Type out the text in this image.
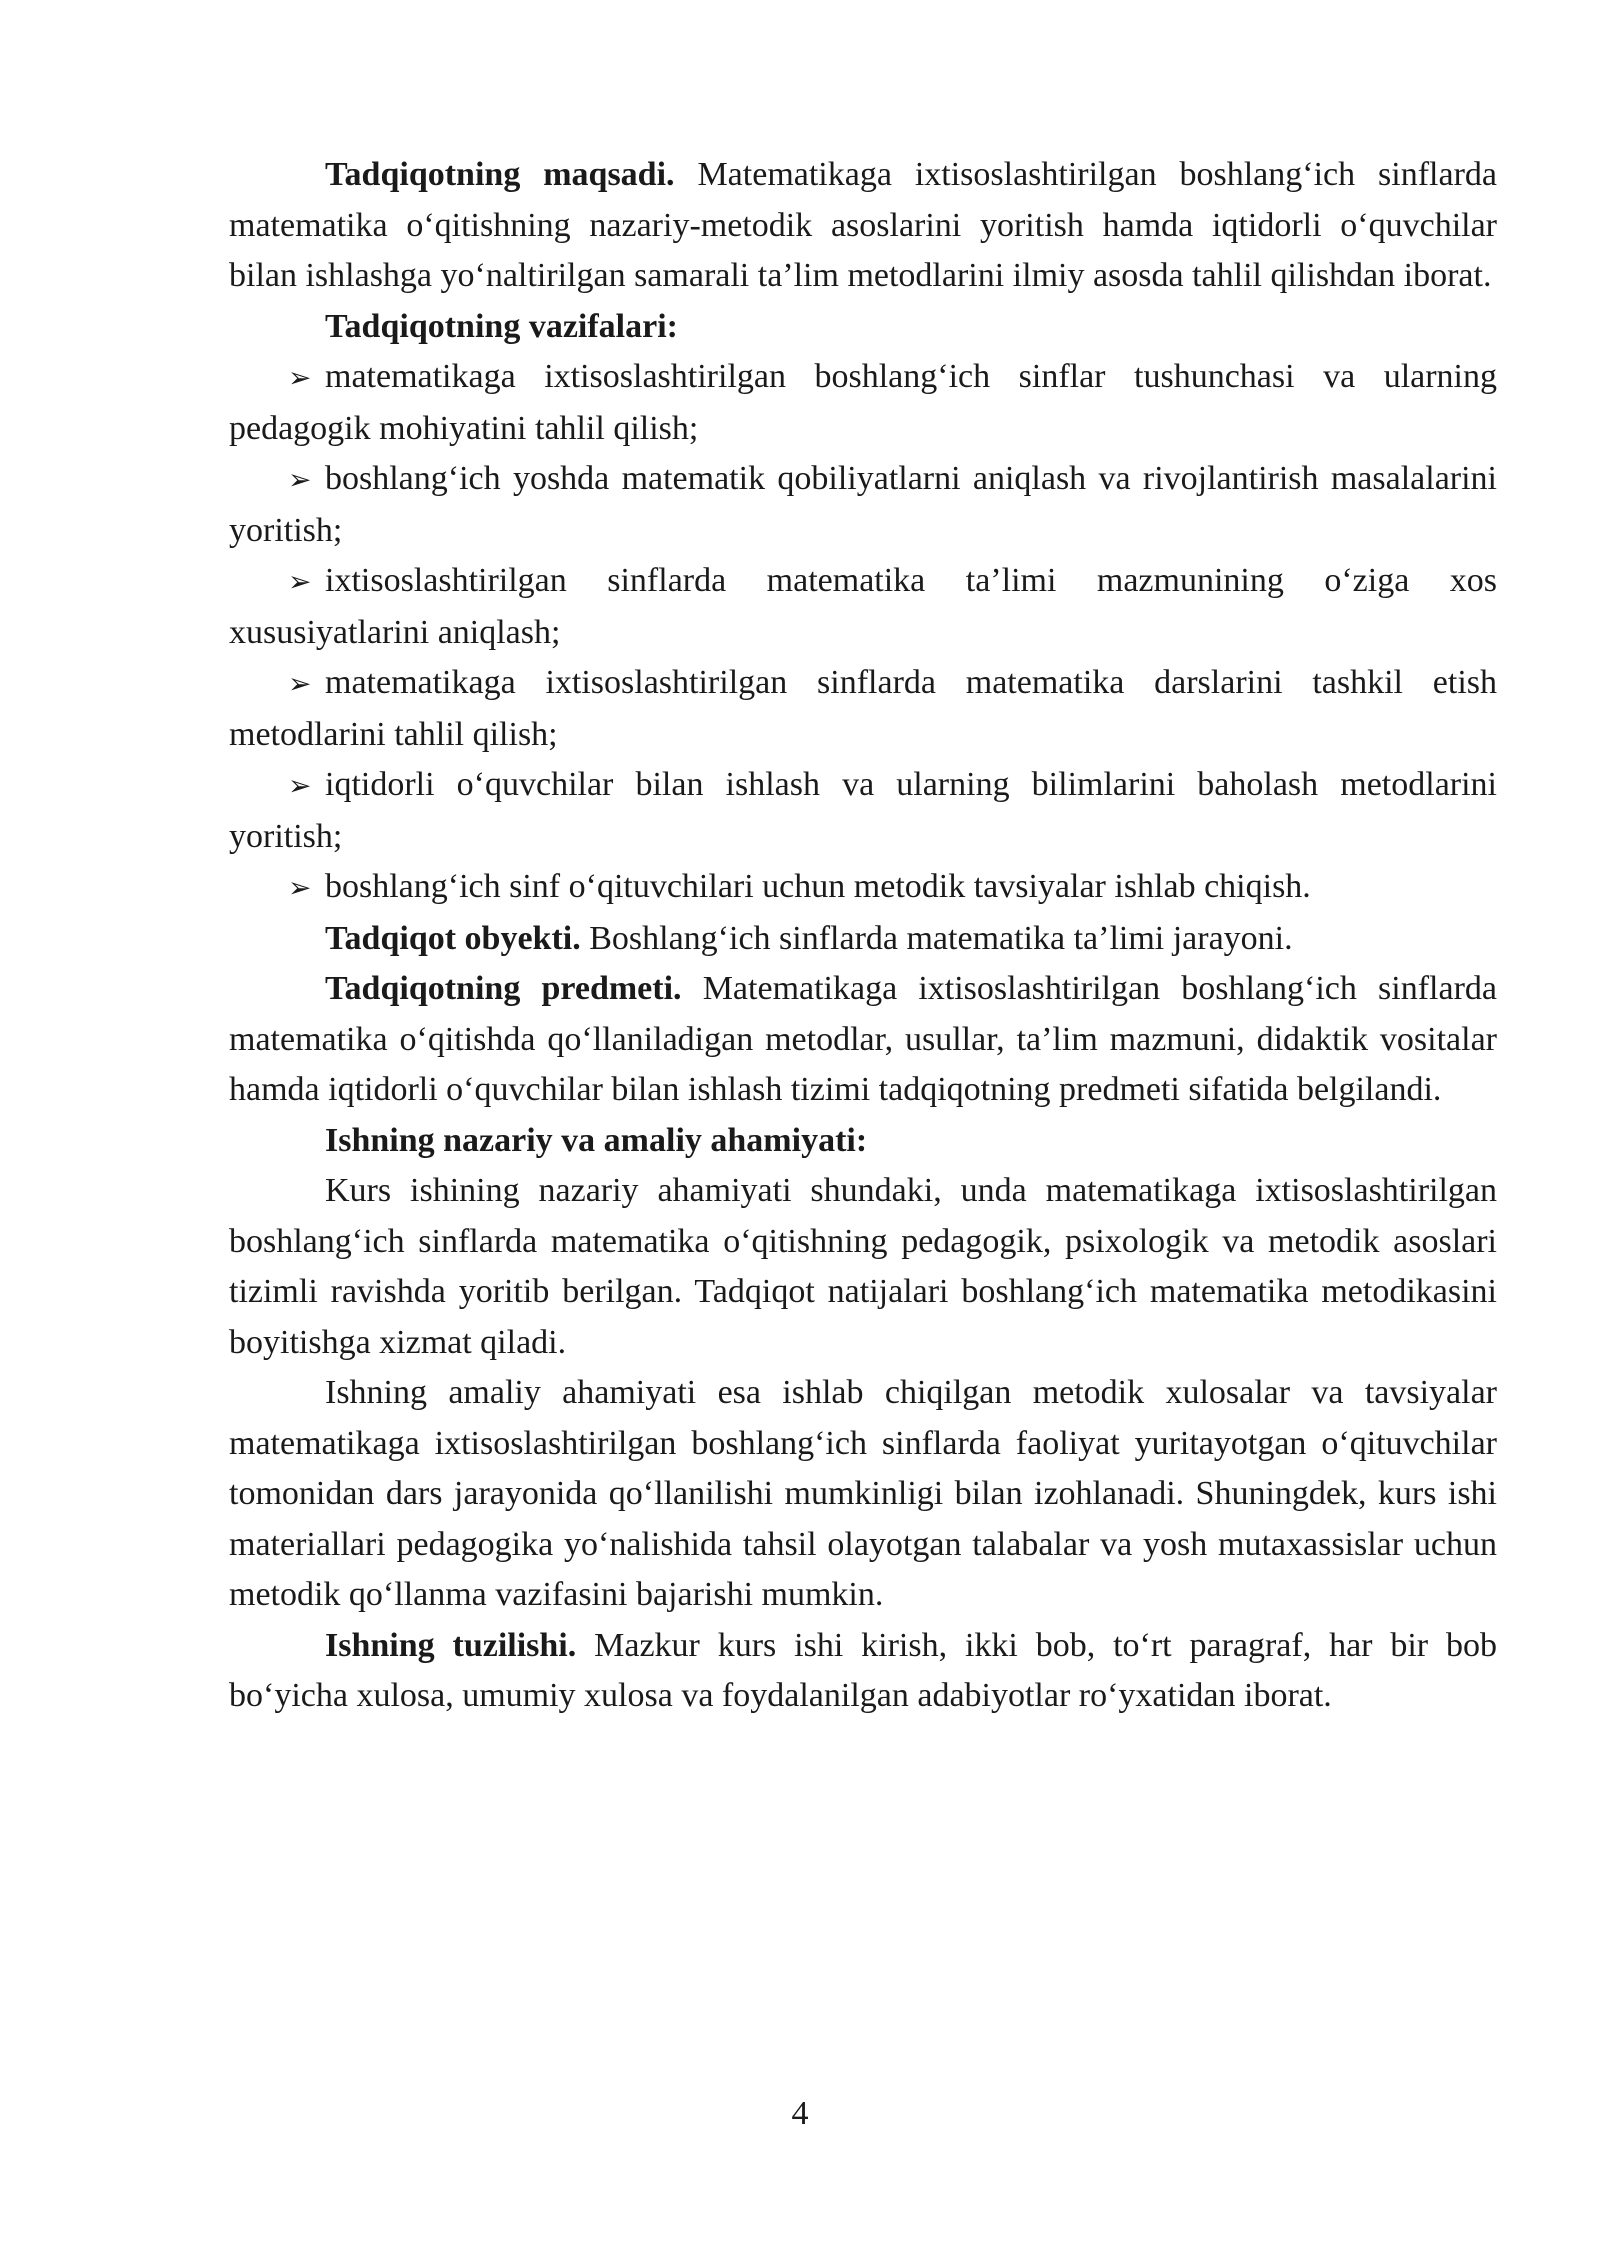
Tadqiqotning maqsadi. Matematikaga ixtisoslashtirilgan boshlang‘ich sinflarda matematika o‘qitishning nazariy-metodik asoslarini yoritish hamda iqtidorli o‘quvchilar bilan ishlashga yo‘naltirilgan samarali ta’lim metodlarini ilmiy asosda tahlil qilishdan iborat.

Tadqiqotning vazifalari:

➢ matematikaga ixtisoslashtirilgan boshlang‘ich sinflar tushunchasi va ularning pedagogik mohiyatini tahlil qilish;

➢ boshlang‘ich yoshda matematik qobiliyatlarni aniqlash va rivojlantirish masalalarini yoritish;

➢ ixtisoslashtirilgan sinflarda matematika ta’limi mazmunining o‘ziga xos xususiyatlarini aniqlash;

➢ matematikaga ixtisoslashtirilgan sinflarda matematika darslarini tashkil etish metodlarini tahlil qilish;

➢ iqtidorli o‘quvchilar bilan ishlash va ularning bilimlarini baholash metodlarini yoritish;

➢ boshlang‘ich sinf o‘qituvchilari uchun metodik tavsiyalar ishlab chiqish.

Tadqiqot obyekti. Boshlang‘ich sinflarda matematika ta’limi jarayoni.

Tadqiqotning predmeti. Matematikaga ixtisoslashtirilgan boshlang‘ich sinflarda matematika o‘qitishda qo‘llaniladigan metodlar, usullar, ta’lim mazmuni, didaktik vositalar hamda iqtidorli o‘quvchilar bilan ishlash tizimi tadqiqotning predmeti sifatida belgilandi.

Ishning nazariy va amaliy ahamiyati:

Kurs ishining nazariy ahamiyati shundaki, unda matematikaga ixtisoslashtirilgan boshlang‘ich sinflarda matematika o‘qitishning pedagogik, psixologik va metodik asoslari tizimli ravishda yoritib berilgan. Tadqiqot natijalari boshlang‘ich matematika metodikasini boyitishga xizmat qiladi.

Ishning amaliy ahamiyati esa ishlab chiqilgan metodik xulosalar va tavsiyalar matematikaga ixtisoslashtirilgan boshlang‘ich sinflarda faoliyat yuritayotgan o‘qituvchilar tomonidan dars jarayonida qo‘llanilishi mumkinligi bilan izohlanadi. Shuningdek, kurs ishi materiallari pedagogika yo‘nalishida tahsil olayotgan talabalar va yosh mutaxassislar uchun metodik qo‘llanma vazifasini bajarishi mumkin.

Ishning tuzilishi. Mazkur kurs ishi kirish, ikki bob, to‘rt paragraf, har bir bob bo‘yicha xulosa, umumiy xulosa va foydalanilgan adabiyotlar ro‘yxatidan iborat.

4
